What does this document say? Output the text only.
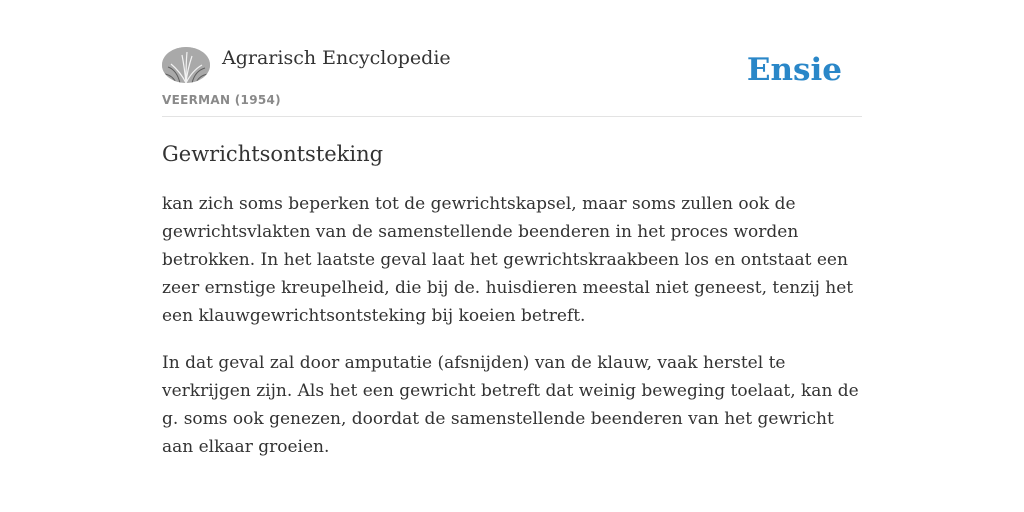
Agrarisch Encyclopedie
VEERMAN (1954)
Ensie
Gewrichtsontsteking

kan zich soms beperken tot de gewrichtskapsel, maar soms zullen ook de gewrichtsvlakten van de samenstellende beenderen in het proces worden betrokken. In het laatste geval laat het gewrichtskraakbeen los en ontstaat een zeer ernstige kreupelheid, die bij de. huisdieren meestal niet geneest, tenzij het een klauwgewrichtsontsteking bij koeien betreft.

In dat geval zal door amputatie (afsnijden) van de klauw, vaak herstel te verkrijgen zijn. Als het een gewricht betreft dat weinig beweging toelaat, kan de g. soms ook genezen, doordat de samenstellende beenderen van het gewricht aan elkaar groeien.
